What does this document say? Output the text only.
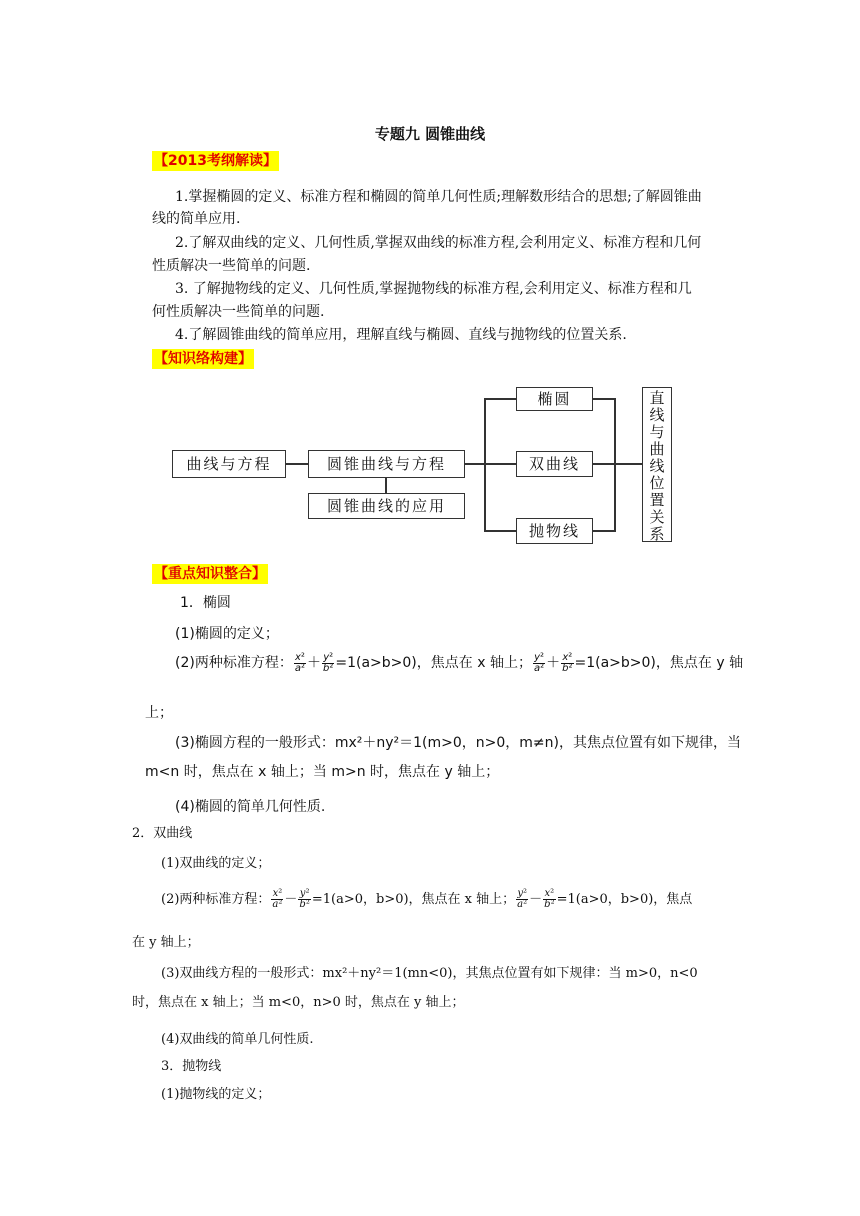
专题九 圆锥曲线
【2013考纲解读】
1.掌握椭圆的定义、标准方程和椭圆的简单几何性质;理解数形结合的思想;了解圆锥曲
线的简单应用.
2.了解双曲线的定义、几何性质,掌握双曲线的标准方程,会利用定义、标准方程和几何
性质解决一些简单的问题.
3. 了解抛物线的定义、几何性质,掌握抛物线的标准方程,会利用定义、标准方程和几
何性质解决一些简单的问题.
4.了解圆锥曲线的简单应用，理解直线与椭圆、直线与抛物线的位置关系.
【知识络构建】
曲线与方程	圆锥曲线与方程
圆锥曲线的应用
椭圆
双曲线
抛物线
直
线
与
曲
线
位
置
关
系
【重点知识整合】
1．椭圆
(1)椭圆的定义；
(2)两种标准方程： $\frac{\text{x²}}{\text{a²}} + \frac{\text{y²}}{\text{b²}} =1(a>b>0)$，焦点在 x 轴上； $\frac{\text{y²}}{\text{a²}} + \frac{\text{x²}}{\text{b²}} =1(a>b>0)$，焦点在 y 轴
上；
(3)椭圆方程的一般形式：mx²＋ny²＝1(m>0，n>0，m≠n)，其焦点位置有如下规律，当
m<n 时，焦点在 x 轴上；当 m>n 时，焦点在 y 轴上；
(4)椭圆的简单几何性质.
2．双曲线
(1)双曲线的定义；
(2)两种标准方程： $\frac{\text{x²}}{\text{a²}} - \frac{\text{y²}}{\text{b²}} =1(a>0$，b>0)，焦点在 x 轴上； $\frac{\text{y²}}{\text{a²}} - \frac{\text{x²}}{\text{b²}} =1(a>0$，b>0)，焦点
在 y 轴上；
(3)双曲线方程的一般形式：mx²＋ny²＝1(mn<0)，其焦点位置有如下规律：当 m>0，n<0
时，焦点在 x 轴上；当 m<0，n>0 时，焦点在 y 轴上；
(4)双曲线的简单几何性质.
3．抛物线
(1)抛物线的定义；
